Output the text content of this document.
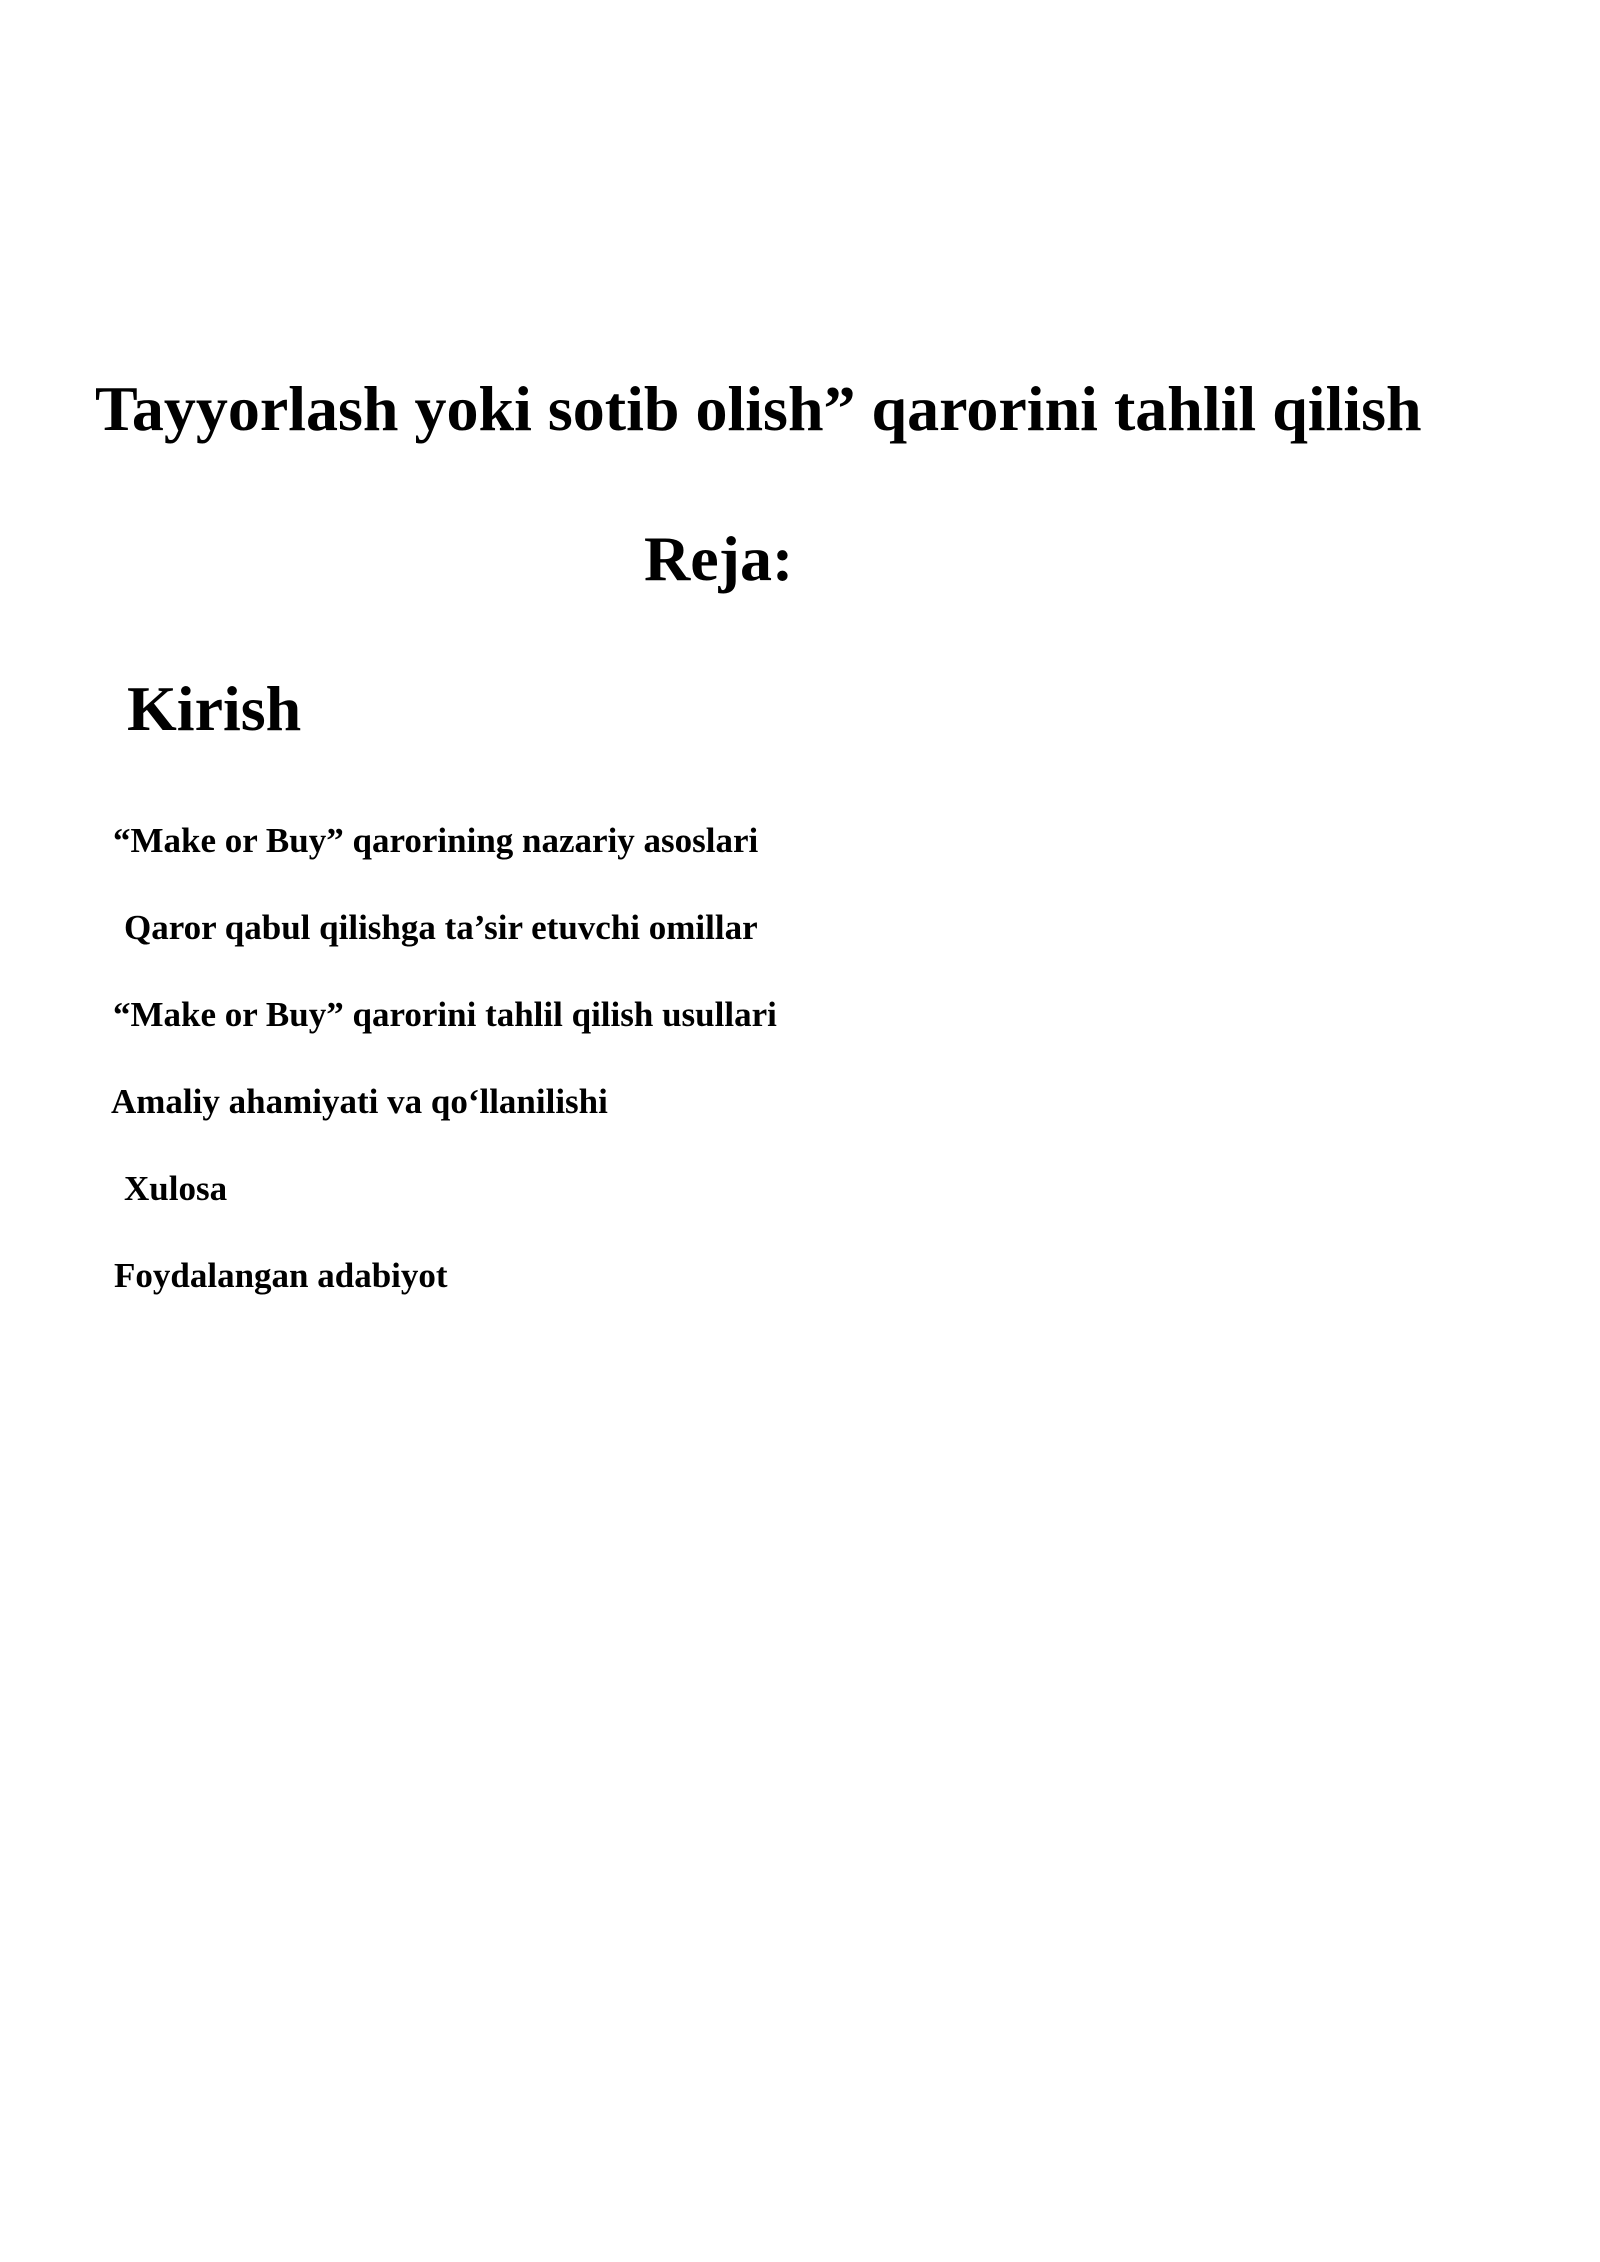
Tayyorlash yoki sotib olish” qarorini tahlil qilish
Reja:
Kirish

“Make or Buy” qarorining nazariy asoslari

Qaror qabul qilishga ta’sir etuvchi omillar

“Make or Buy” qarorini tahlil qilish usullari

Amaliy ahamiyati va qo‘llanilishi

Xulosa

Foydalangan adabiyot
